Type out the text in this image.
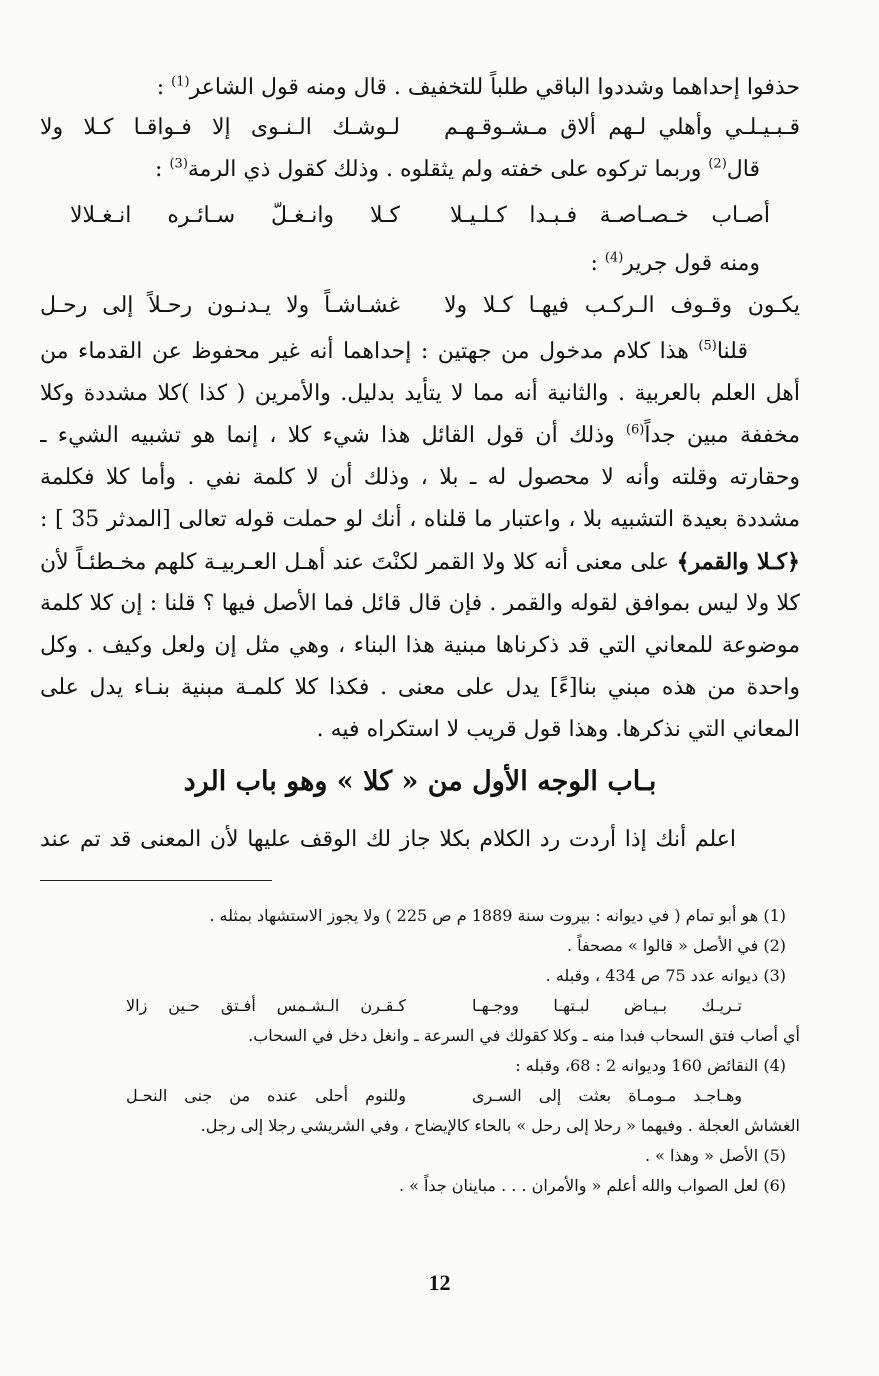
حذفوا إحداهما وشددوا الباقي طلباً للتخفيف . قال ومنه قول الشاعر$^{(1)}$ :
قـبـيـلـي وأهلي لـهم ألاق مـشـوقـهـم
لـوشـك الـنـوى إلا فـواقـا كـلا ولا
قال$^{(2)}$ وربما تركوه على خفته ولم يثقلوه . وذلك كقول ذي الرمة$^{(3)}$ :
أصـاب خـصـاصـة فـبـدا كـلـيـلا
كـلا وانـغـلّ سـائـره انـغـلالا
ومنه قول جرير$^{(4)}$ :
يكـون وقـوف الـركـب فيهـا كـلا ولا
غشـاشـاً ولا يـدنـون رحـلاً إلى رحـل
قلنا$^{(5)}$ هذا كلام مدخول من جهتين : إحداهما أنه غير محفوظ عن القدماء من
أهل العلم بالعربية . والثانية أنه مما لا يتأيد بدليل. والأمرين ( كذا )كلا مشددة وكلا
مخففة مبين جداً$^{(6)}$ وذلك أن قول القائل هذا شيء كلا ، إنما هو تشبيه الشيء ـ
وحقارته وقلته وأنه لا محصول له ـ بلا ، وذلك أن لا كلمة نفي . وأما كلا فكلمة
مشددة بعيدة التشبيه بلا ، واعتبار ما قلناه ، أنك لو حملت قوله تعالى [المدثر 35 ] :
﴿كـلا والقمر﴾ على معنى أنه كلا ولا القمر لكنْتَ عند أهـل العـربيـة كلهم مخـطئـاً لأن
كلا ولا ليس بموافق لقوله والقمر . فإن قال قائل فما الأصل فيها ؟ قلنا : إن كلا كلمة
موضوعة للمعاني التي قد ذكرناها مبنية هذا البناء ، وهي مثل إن ولعل وكيف . وكل
واحدة من هذه مبني بنا[ءً] يدل على معنى . فكذا كلا كلمـة مبنية بنـاء يدل على
المعاني التي نذكرها. وهذا قول قريب لا استكراه فيه .
بـاب الوجه الأول من « كلا » وهو باب الرد
اعلم أنك إذا أردت رد الكلام بكلا جاز لك الوقف عليها لأن المعنى قد تم عند
(1) هو أبو تمام ( في ديوانه : بيروت سنة 1889 م ص 225 ) ولا يجوز الاستشهاد بمثله .
(2) في الأصل « قالوا » مصحفاً .
(3) ديوانه عدد 75 ص 434 ، وقبله .
تـريـك بـيـاض لبـتهـا ووجـهـا
كـقـرن الـشـمس أفـتق حـين زالا
أي أصاب فتق السحاب فبدا منه ـ وكلا كقولك في السرعة ـ وانغل دخل في السحاب.
(4) النقائض 160 وديوانه 2 : 68، وقبله :
وهـاجـد مـومـاة بعثت إلى السـرى
وللنوم أحلى عنده من جنى النحـل
الغشاش العجلة . وفيهما « رحلا إلى رحل » بالحاء كالإيضاح ، وفي الشريشي رجلا إلى رجل.
(5) الأصل « وهذا » .
(6) لعل الصواب والله أعلم « والأمران . . . مباينان جداً » .
12
